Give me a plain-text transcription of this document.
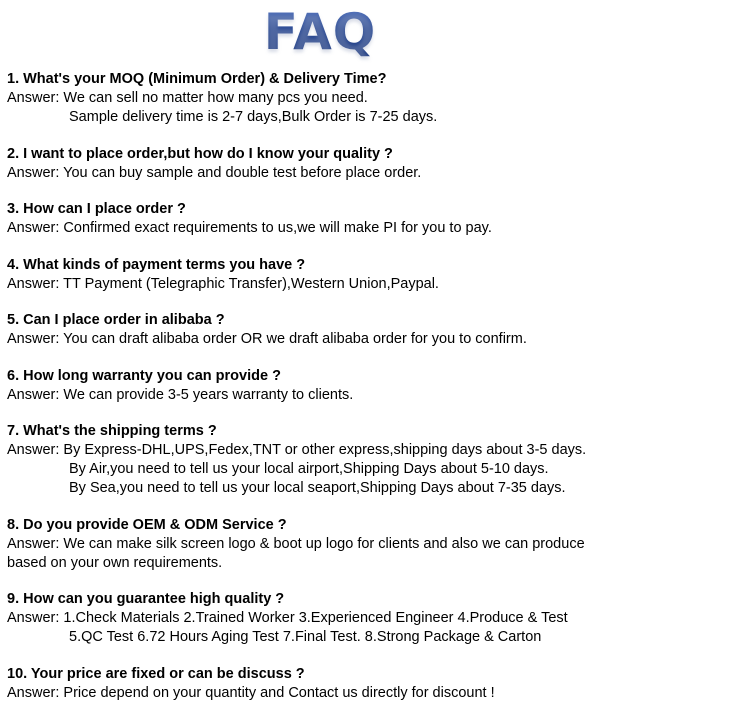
FAQ
1. What's your MOQ (Minimum Order) & Delivery Time?
Answer: We can sell no matter how many pcs you need.
Sample delivery time is 2-7 days,Bulk Order is 7-25 days.
2. I want to place order,but how do I know your quality ?
Answer: You can buy sample and double test before place order.
3. How can I place order ?
Answer: Confirmed exact requirements to us,we will make PI for you to pay.
4. What kinds of payment terms you have ?
Answer: TT Payment (Telegraphic Transfer),Western Union,Paypal.
5. Can I place order in alibaba ?
Answer: You can draft alibaba order OR we draft alibaba order for you to confirm.
6. How long warranty you can provide ?
Answer: We can provide 3-5 years warranty to clients.
7. What's the shipping terms ?
Answer: By Express-DHL,UPS,Fedex,TNT or other express,shipping days about 3-5 days.
By Air,you need to tell us your local airport,Shipping Days about 5-10 days.
By Sea,you need to tell us your local seaport,Shipping Days about 7-35 days.
8. Do you provide OEM & ODM Service ?
Answer: We can make silk screen logo & boot up logo for clients and also we can produce
based on your own requirements.
9. How can you guarantee high quality ?
Answer: 1.Check Materials 2.Trained Worker 3.Experienced Engineer 4.Produce & Test
5.QC Test 6.72 Hours Aging Test 7.Final Test. 8.Strong Package & Carton
10. Your price are fixed or can be discuss ?
Answer: Price depend on your quantity and Contact us directly for discount !
